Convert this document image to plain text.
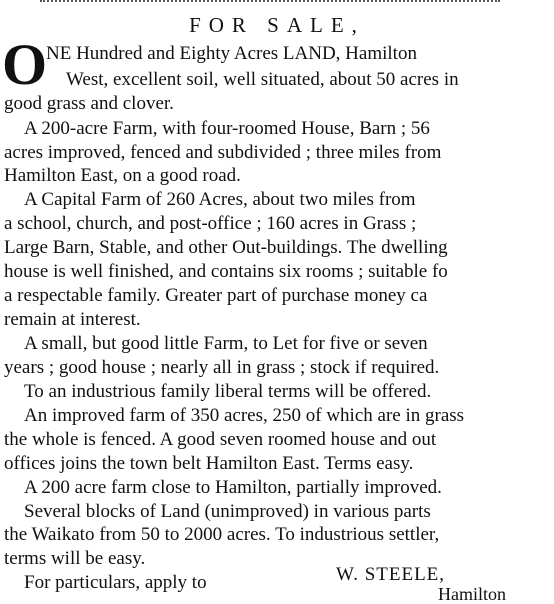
FOR SALE,
O
NE Hundred and Eighty Acres LAND, Hamilton
West, excellent soil, well situated, about 50 acres in
good grass and clover.
A 200-acre Farm, with four-roomed House, Barn ; 56
acres improved, fenced and subdivided ; three miles from
Hamilton East, on a good road.
A Capital Farm of 260 Acres, about two miles from
a school, church, and post-office ; 160 acres in Grass ;
Large Barn, Stable, and other Out-buildings. The dwelling
house is well finished, and contains six rooms ; suitable fo
a respectable family. Greater part of purchase money ca
remain at interest.
A small, but good little Farm, to Let for five or seven
years ; good house ; nearly all in grass ; stock if required.
To an industrious family liberal terms will be offered.
An improved farm of 350 acres, 250 of which are in grass
the whole is fenced. A good seven roomed house and out
offices joins the town belt Hamilton East. Terms easy.
A 200 acre farm close to Hamilton, partially improved.
Several blocks of Land (unimproved) in various parts
the Waikato from 50 to 2000 acres. To industrious settler,
terms will be easy.
For particulars, apply to	W. STEELE,
Hamilton
